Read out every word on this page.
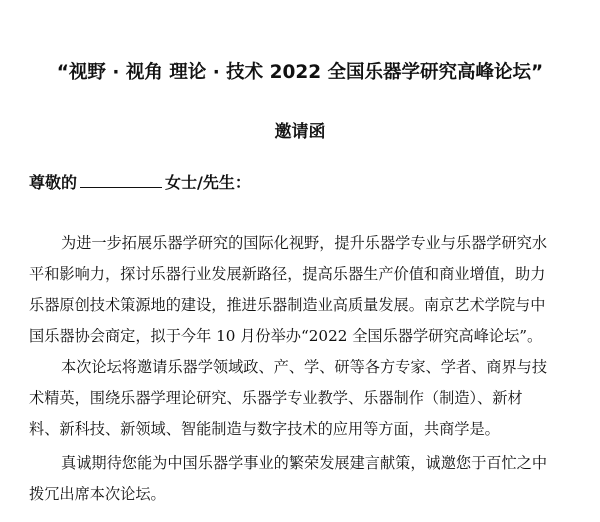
“视野 · 视角 理论 · 技术 2022 全国乐器学研究高峰论坛”
邀请函
尊敬的	女士/先生：
为进一步拓展乐器学研究的国际化视野，提升乐器学专业与乐器学研究水
平和影响力，探讨乐器行业发展新路径，提高乐器生产价值和商业增值，助力
乐器原创技术策源地的建设，推进乐器制造业高质量发展。南京艺术学院与中
国乐器协会商定，拟于今年 10 月份举办“2022 全国乐器学研究高峰论坛”。
本次论坛将邀请乐器学领域政、产、学、研等各方专家、学者、商界与技
术精英，围绕乐器学理论研究、乐器学专业教学、乐器制作（制造）、新材
料、新科技、新领域、智能制造与数字技术的应用等方面，共商学是。
真诚期待您能为中国乐器学事业的繁荣发展建言献策，诚邀您于百忙之中
拨冗出席本次论坛。
